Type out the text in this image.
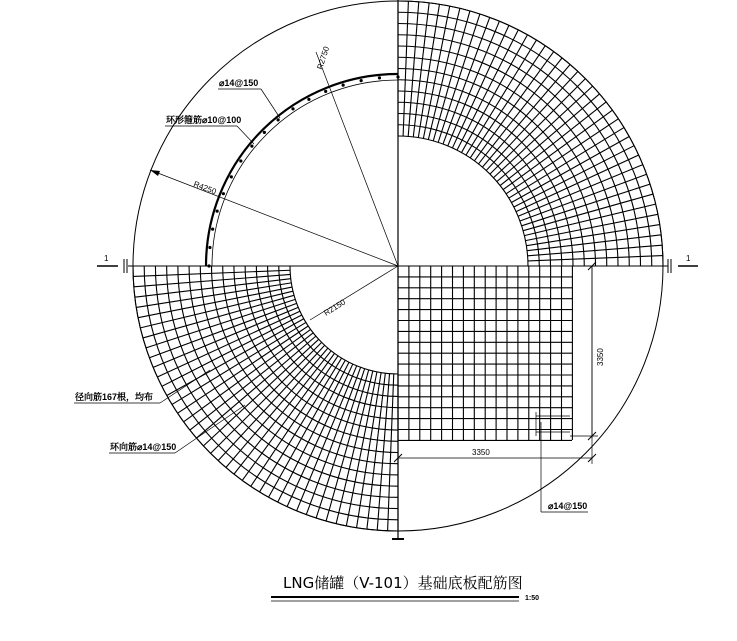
R2750
R4250
R2150
⌀14@150
环形箍筋⌀10@100
径向筋167根，均布
环向筋⌀14@150
⌀14@150
3350
3350
1	1
LNG储罐（V-101）基础底板配筋图
1:50
